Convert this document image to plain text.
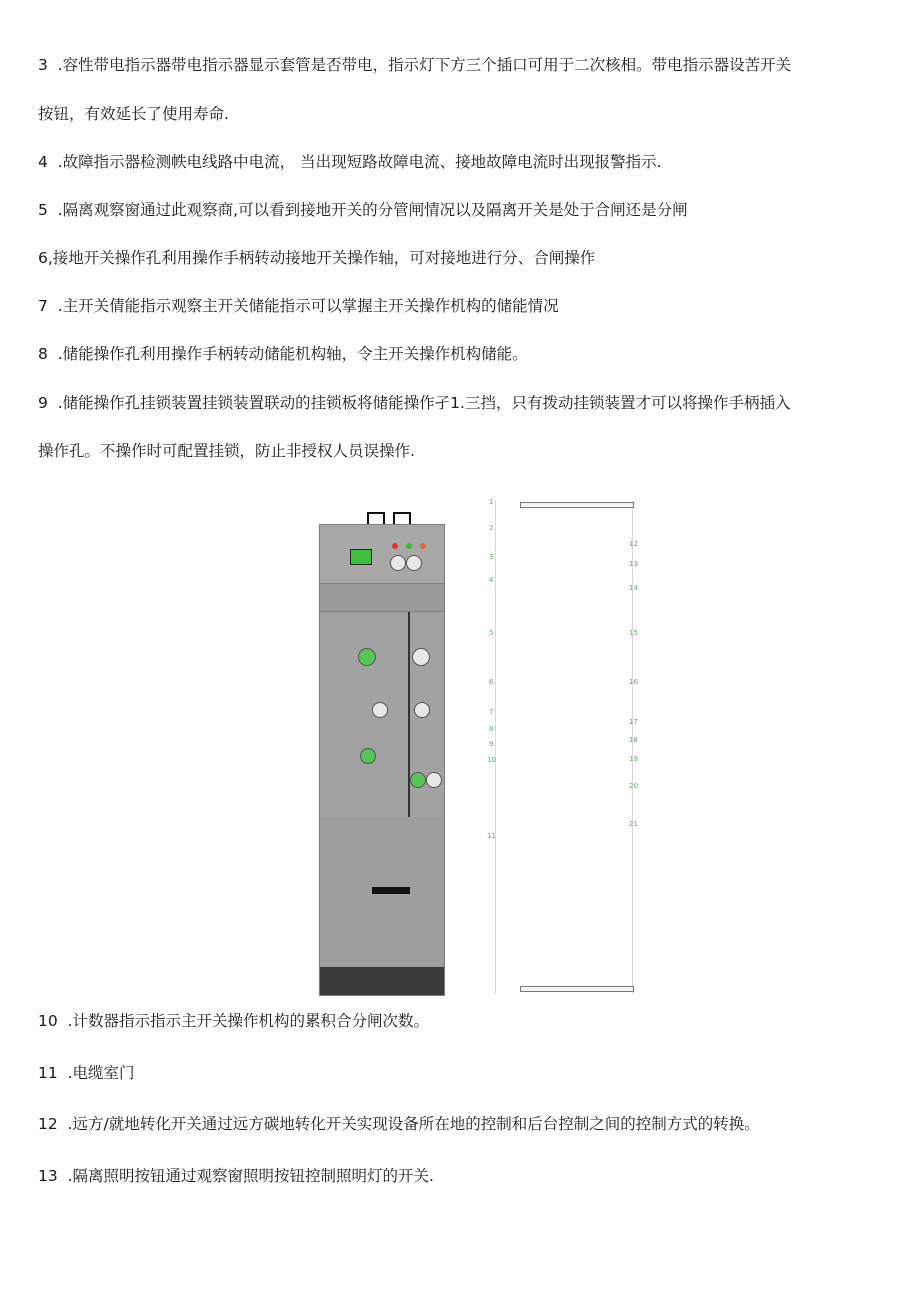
3 .容性带电指示器带电指示器显示套管是否带电，指示灯下方三个插口可用于二次核相。带电指示器设苦开关
按钮，有效延长了使用寿命.
4 .故障指示器检测帙电线路中电流， 当出现短路故障电流、接地故障电流时出现报警指示.
5 .隔离观察窗通过此观察商,可以看到接地开关的分管闸情况以及隔离开关是处于合闸还是分闸
6,接地开关操作孔利用操作手柄转动接地开关操作轴，可对接地进行分、合闸操作
7 .主开关倩能指示观察主开关储能指示可以掌握主开关操作机构的储能情况
8 .储能操作孔利用操作手柄转动储能机构轴，令主开关操作机构储能。
9 .储能操作孔挂锁装置挂锁装置联动的挂锁板将储能操作孑1.三挡，只有拨动挂锁装置才可以将操作手柄插入
操作孔。不操作时可配置挂锁，防止非授权人员误操作.
1
2
3
4
5
6
7
8
9
10
11
12
13
14
15
16
17
18
19
20
21
10 .计数器指示指示主开关操作机构的累积合分闸次数。
11 .电缆室门
12 .远方/就地转化开关通过远方碳地转化开关实现设备所在地的控制和后台控制之间的控制方式的转换。
13 .隔离照明按钮通过观察窗照明按钮控制照明灯的开关.
